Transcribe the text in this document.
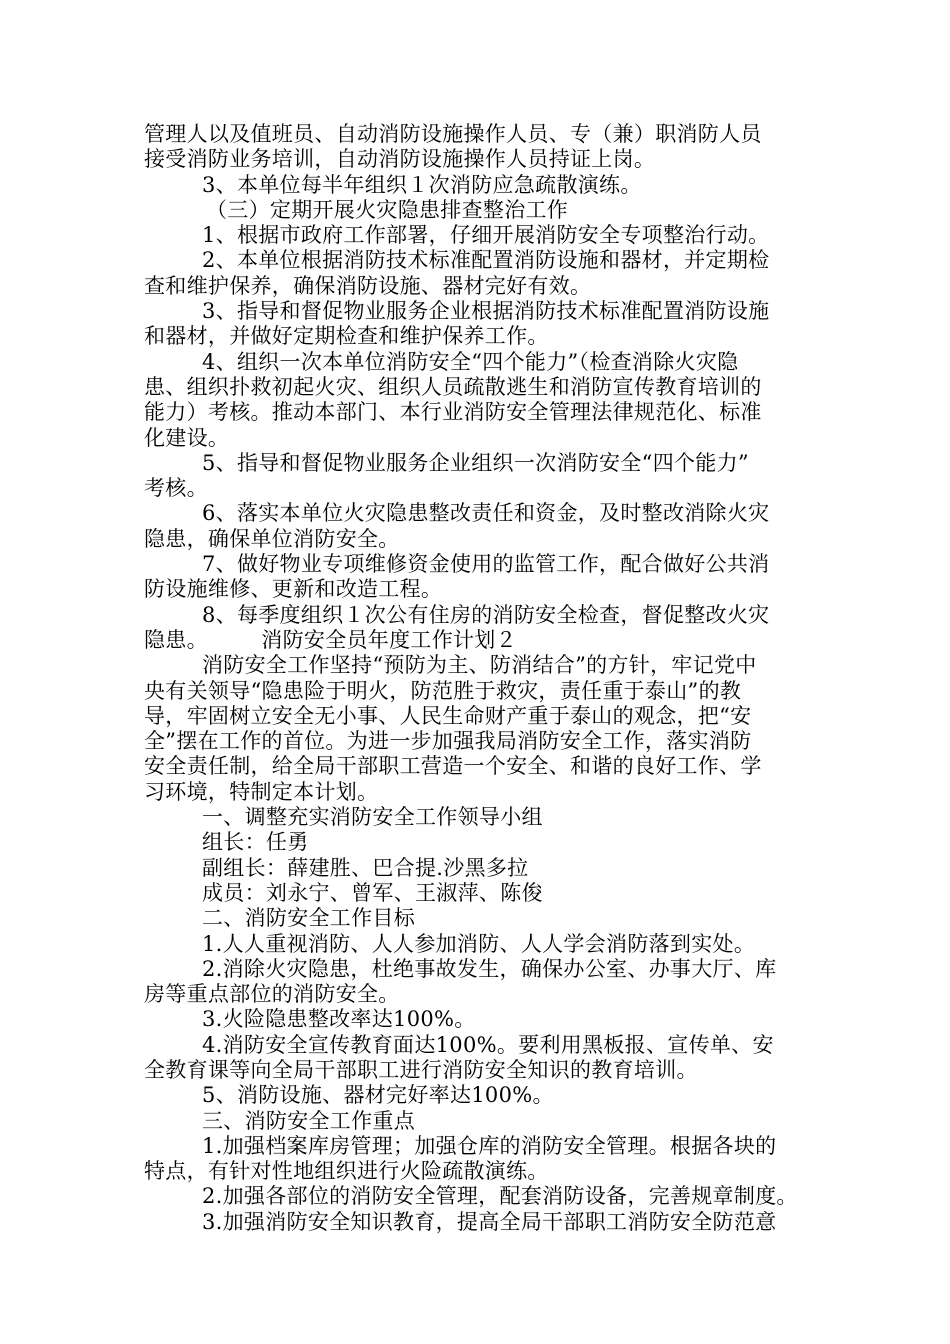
管理人以及值班员、自动消防设施操作人员、专（兼）职消防人员
接受消防业务培训，自动消防设施操作人员持证上岗。
3、本单位每半年组织１次消防应急疏散演练。
（三）定期开展火灾隐患排查整治工作
1、根据市政府工作部署，仔细开展消防安全专项整治行动。
2、本单位根据消防技术标准配置消防设施和器材，并定期检
查和维护保养，确保消防设施、器材完好有效。
3、指导和督促物业服务企业根据消防技术标准配置消防设施
和器材，并做好定期检查和维护保养工作。
4、组织一次本单位消防安全“四个能力”（检查消除火灾隐
患、组织扑救初起火灾、组织人员疏散逃生和消防宣传教育培训的
能力）考核。推动本部门、本行业消防安全管理法律规范化、标准
化建设。
5、指导和督促物业服务企业组织一次消防安全“四个能力”
考核。
6、落实本单位火灾隐患整改责任和资金，及时整改消除火灾
隐患，确保单位消防安全。
7、做好物业专项维修资金使用的监管工作，配合做好公共消
防设施维修、更新和改造工程。
8、每季度组织１次公有住房的消防安全检查，督促整改火灾
隐患。　　　消防安全员年度工作计划２
消防安全工作坚持“预防为主、防消结合”的方针，牢记党中
央有关领导“隐患险于明火，防范胜于救灾，责任重于泰山”的教
导，牢固树立安全无小事、人民生命财产重于泰山的观念，把“安
全”摆在工作的首位。为进一步加强我局消防安全工作，落实消防
安全责任制，给全局干部职工营造一个安全、和谐的良好工作、学
习环境，特制定本计划。
一、调整充实消防安全工作领导小组
组长：任勇
副组长：薛建胜、巴合提.沙黑多拉
成员：刘永宁、曾军、王淑萍、陈俊
二、消防安全工作目标
1.人人重视消防、人人参加消防、人人学会消防落到实处。
2.消除火灾隐患，杜绝事故发生，确保办公室、办事大厅、库
房等重点部位的消防安全。
3.火险隐患整改率达100%。
4.消防安全宣传教育面达100%。要利用黑板报、宣传单、安
全教育课等向全局干部职工进行消防安全知识的教育培训。
5、消防设施、器材完好率达100%。
三、消防安全工作重点
1.加强档案库房管理；加强仓库的消防安全管理。根据各块的
特点，有针对性地组织进行火险疏散演练。
2.加强各部位的消防安全管理，配套消防设备，完善规章制度。
3.加强消防安全知识教育，提高全局干部职工消防安全防范意
